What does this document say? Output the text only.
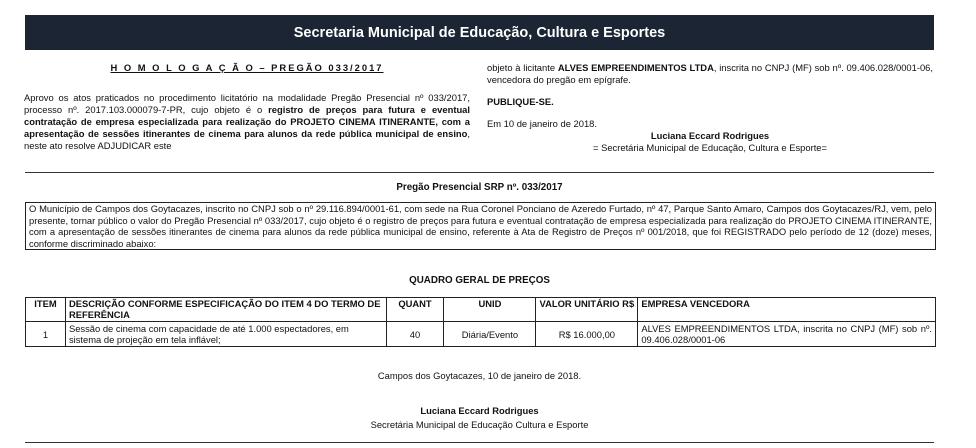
Secretaria Municipal de Educação, Cultura e Esportes
H O M O L O G A Ç Ã O – PREGÃO 033/2017

Aprovo os atos praticados no procedimento licitatório na modalidade Pregão Presencial nº 033/2017, processo nº. 2017.103.000079-7-PR, cujo objeto é o registro de preços para futura e eventual contratação de empresa especializada para realização do PROJETO CINEMA ITINERANTE, com a apresentação de sessões itinerantes de cinema para alunos da rede pública municipal de ensino, neste ato resolve ADJUDICAR este

objeto à licitante ALVES EMPREENDIMENTOS LTDA, inscrita no CNPJ (MF) sob nº. 09.406.028/0001-06, vencedora do pregão em epígrafe.

PUBLIQUE-SE.

Em 10 de janeiro de 2018.

Luciana Eccard Rodrigues

= Secretária Municipal de Educação, Cultura e Esporte=

Pregão Presencial SRP nº. 033/2017
O Município de Campos dos Goytacazes, inscrito no CNPJ sob o nº 29.116.894/0001-61, com sede na Rua Coronel Ponciano de Azeredo Furtado, nº 47, Parque Santo Amaro, Campos dos Goytacazes/RJ, vem, pelo presente, tornar público o valor do Pregão Presencial nº 033/2017, cujo objeto é o registro de preços para futura e eventual contratação de empresa especializada para realização do PROJETO CINEMA ITINERANTE, com a apresentação de sessões itinerantes de cinema para alunos da rede pública municipal de ensino, referente à Ata de Registro de Preços nº 001/2018, que foi REGISTRADO pelo período de 12 (doze) meses, conforme discriminado abaixo:
QUADRO GERAL DE PREÇOS
ITEM	DESCRIÇÃO CONFORME ESPECIFICAÇÃO DO ITEM 4 DO TERMO DE REFERÊNCIA	QUANT	UNID	VALOR UNITÁRIO R$	EMPRESA VENCEDORA
1	Sessão de cinema com capacidade de até 1.000 espectadores, em sistema de projeção em tela inflável;	40	Diária/Evento	R$ 16.000,00	ALVES EMPREENDIMENTOS LTDA, inscrita no CNPJ (MF) sob nº. 09.406.028/0001-06
Campos dos Goytacazes, 10 de janeiro de 2018.
Luciana Eccard Rodrigues
Secretária Municipal de Educação Cultura e Esporte
